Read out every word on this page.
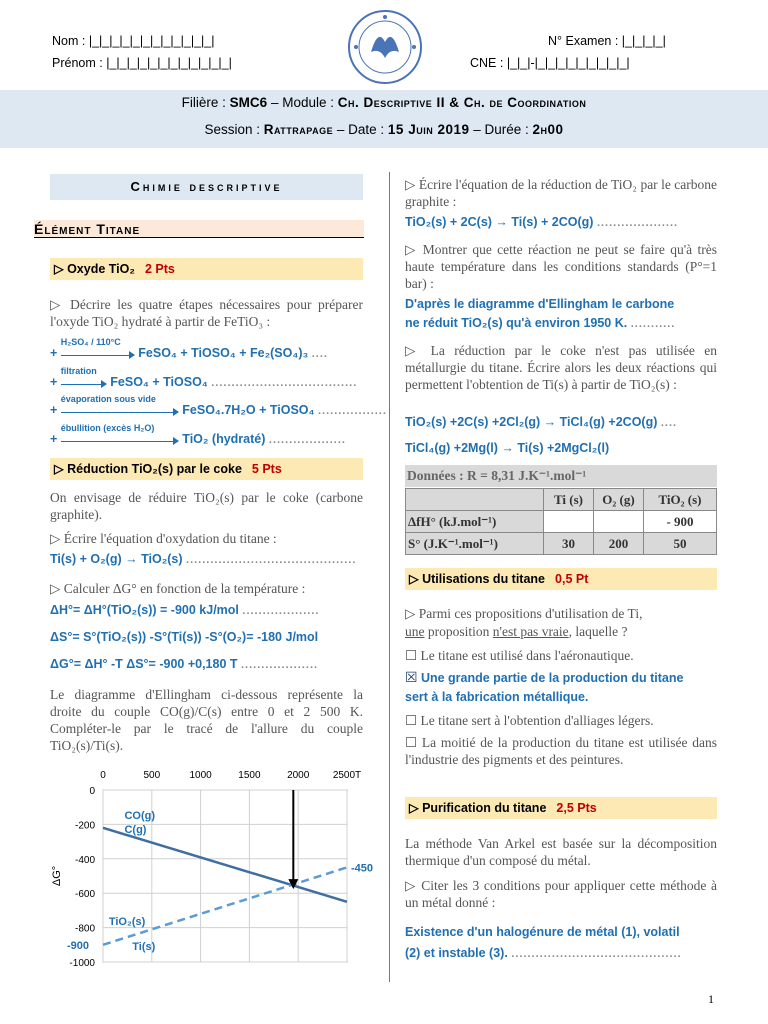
Nom : |_|_|_|_|_|_|_|_|_|_|_|_|
Prénom : |_|_|_|_|_|_|_|_|_|_|_|_|
N° Examen : |_|_|_|_|
CNE : |_|_|-|_|_|_|_|_|_|_|_|_|
Filière : SMC6 – Module : Ch. Descriptive II & Ch. de Coordination
Session : Rattrapage – Date : 15 Juin 2019 – Durée : 2h00
Chimie descriptive
Élément Titane
▷ Oxyde TiO₂ 2 Pts
▷ Décrire les quatre étapes nécessaires pour préparer l'oxyde TiO₂ hydraté à partir de FeTiO₃ :
+
H₂SO₄ / 110°C
FeSO₄ + TiOSO₄ + Fe₂(SO₄)₃ ....
+
filtration
FeSO₄ + TiOSO₄ ....................................
+
évaporation sous vide
FeSO₄.7H₂O + TiOSO₄ .................
+
ébullition (excès H₂O)
TiO₂ (hydraté) ...................
▷ Réduction TiO₂(s) par le coke 5 Pts
On envisage de réduire TiO₂(s) par le coke (carbone graphite).
▷ Écrire l'équation d'oxydation du titane :
Ti(s) + O₂(g) → TiO₂(s) ..........................................
▷ Calculer ΔG° en fonction de la température :
ΔH°= ΔH°(TiO₂(s)) = -900 kJ/mol ...................
ΔS°= S°(TiO₂(s)) -S°(Ti(s)) -S°(O₂)= -180 J/mol
ΔG°= ΔH° -T ΔS°= -900 +0,180 T ...................
Le diagramme d'Ellingham ci-dessous représente la droite du couple CO(g)/C(s) entre 0 et 2 500 K. Compléter-le par le tracé de l'allure du couple TiO₂(s)/Ti(s).
0	500	1000	1500	2000 2500T
0
-200
-400
-600
-800
-1000
ΔG°
CO(g)
C(g)
TiO₂(s)
Ti(s)
-450
-900
▷ Écrire l'équation de la réduction de TiO₂ par le carbone graphite :
TiO₂(s) + 2C(s) → Ti(s) + 2CO(g) ....................
▷ Montrer que cette réaction ne peut se faire qu'à très haute température dans les conditions standards (P°=1 bar) :
D'après le diagramme d'Ellingham le carbone
ne réduit TiO₂(s) qu'à environ 1950 K. ...........
▷ La réduction par le coke n'est pas utilisée en métallurgie du titane. Écrire alors les deux réactions qui permettent l'obtention de Ti(s) à partir de TiO₂(s) :
TiO₂(s) +2C(s) +2Cl₂(g) → TiCl₄(g) +2CO(g) ....
TiCl₄(g) +2Mg(l) → Ti(s) +2MgCl₂(l)
Données : R = 8,31 J.K⁻¹.mol⁻¹
	Ti (s)	O₂ (g)	TiO₂ (s)
ΔfH° (kJ.mol⁻¹)			- 900
S° (J.K⁻¹.mol⁻¹)	30	200	50
▷ Utilisations du titane 0,5 Pt
▷ Parmi ces propositions d'utilisation de Ti,
une proposition n'est pas vraie, laquelle ?
☐ Le titane est utilisé dans l'aéronautique.
☒ Une grande partie de la production du titane
sert à la fabrication métallique.
☐ Le titane sert à l'obtention d'alliages légers.
☐ La moitié de la production du titane est utilisée dans l'industrie des pigments et des peintures.
▷ Purification du titane 2,5 Pts
La méthode Van Arkel est basée sur la décomposition thermique d'un composé du métal.
▷ Citer les 3 conditions pour appliquer cette méthode à un métal donné :
Existence d'un halogénure de métal (1), volatil
(2) et instable (3). ..........................................
1
